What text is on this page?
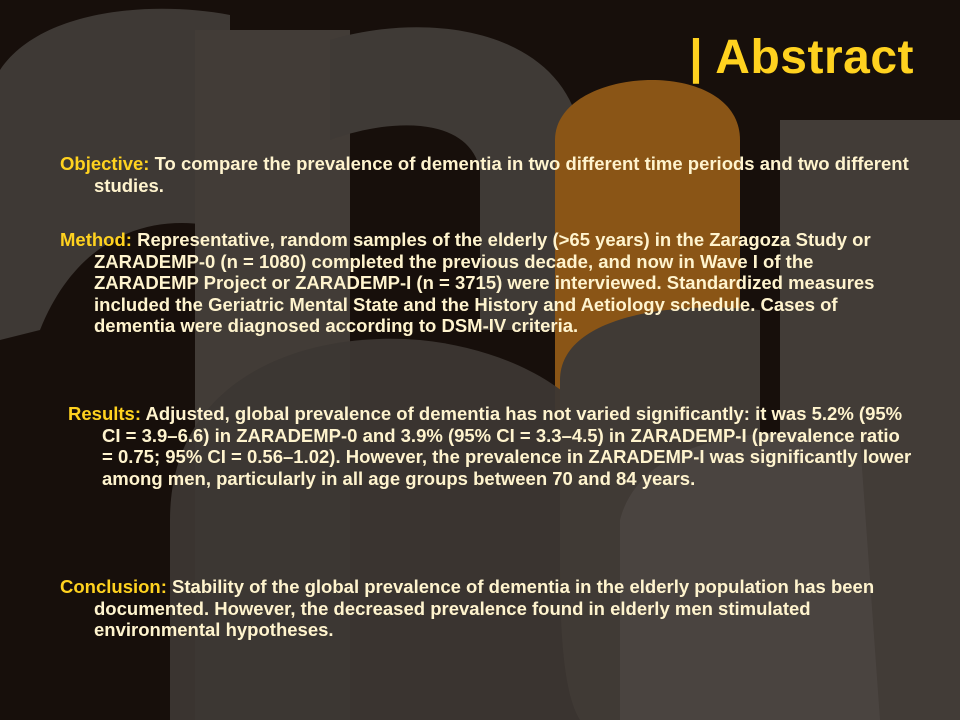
| Abstract

Objective: To compare the prevalence of dementia in two different time periods and two different studies.

Method: Representative, random samples of the elderly (>65 years) in the Zaragoza Study or ZARADEMP-0 (n = 1080) completed the previous decade, and now in Wave I of the ZARADEMP Project or ZARADEMP-I (n = 3715) were interviewed. Standardized measures included the Geriatric Mental State and the History and Aetiology schedule. Cases of dementia were diagnosed according to DSM-IV criteria.

Results: Adjusted, global prevalence of dementia has not varied significantly: it was 5.2% (95% CI = 3.9–6.6) in ZARADEMP-0 and 3.9% (95% CI = 3.3–4.5) in ZARADEMP-I (prevalence ratio = 0.75; 95% CI = 0.56–1.02). However, the prevalence in ZARADEMP-I was significantly lower among men, particularly in all age groups between 70 and 84 years.

Conclusion: Stability of the global prevalence of dementia in the elderly population has been documented. However, the decreased prevalence found in elderly men stimulated environmental hypotheses.
